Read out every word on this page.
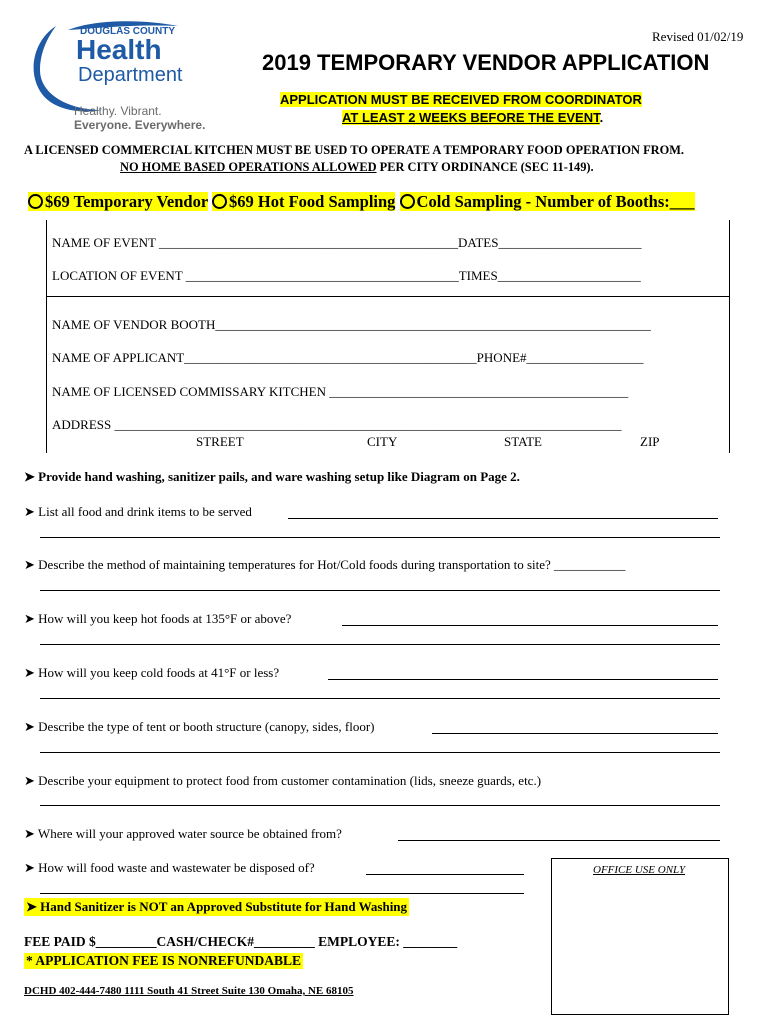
DOUGLAS COUNTY
Health
Department
Healthy. Vibrant.
Everyone. Everywhere.
Revised 01/02/19
2019 TEMPORARY VENDOR APPLICATION
APPLICATION MUST BE RECEIVED FROM COORDINATOR
AT LEAST 2 WEEKS BEFORE THE EVENT.
A LICENSED COMMERCIAL KITCHEN MUST BE USED TO OPERATE A TEMPORARY FOOD OPERATION FROM.
NO HOME BASED OPERATIONS ALLOWED PER CITY ORDINANCE (SEC 11-149).
$69 Temporary Vendor $69 Hot Food Sampling Cold Sampling - Number of Booths:___
NAME OF EVENT ______________________________________________DATES______________________
LOCATION OF EVENT __________________________________________TIMES______________________
NAME OF VENDOR BOOTH___________________________________________________________________
NAME OF APPLICANT_____________________________________________PHONE#__________________
NAME OF LICENSED COMMISSARY KITCHEN ______________________________________________
ADDRESS ______________________________________________________________________________
STREET	CITY	STATE	ZIP
➤ Provide hand washing, sanitizer pails, and ware washing setup like Diagram on Page 2.
➤ List all food and drink items to be served
➤ Describe the method of maintaining temperatures for Hot/Cold foods during transportation to site? ___________
➤ How will you keep hot foods at 135°F or above?
➤ How will you keep cold foods at 41°F or less?
➤ Describe the type of tent or booth structure (canopy, sides, floor)
➤ Describe your equipment to protect food from customer contamination (lids, sneeze guards, etc.)
➤ Where will your approved water source be obtained from?
➤ How will food waste and wastewater be disposed of?
➤ Hand Sanitizer is NOT an Approved Substitute for Hand Washing
OFFICE USE ONLY
FEE PAID $_________CASH/CHECK#_________ EMPLOYEE: ________
* APPLICATION FEE IS NONREFUNDABLE
DCHD 402-444-7480 1111 South 41 Street Suite 130 Omaha, NE 68105
